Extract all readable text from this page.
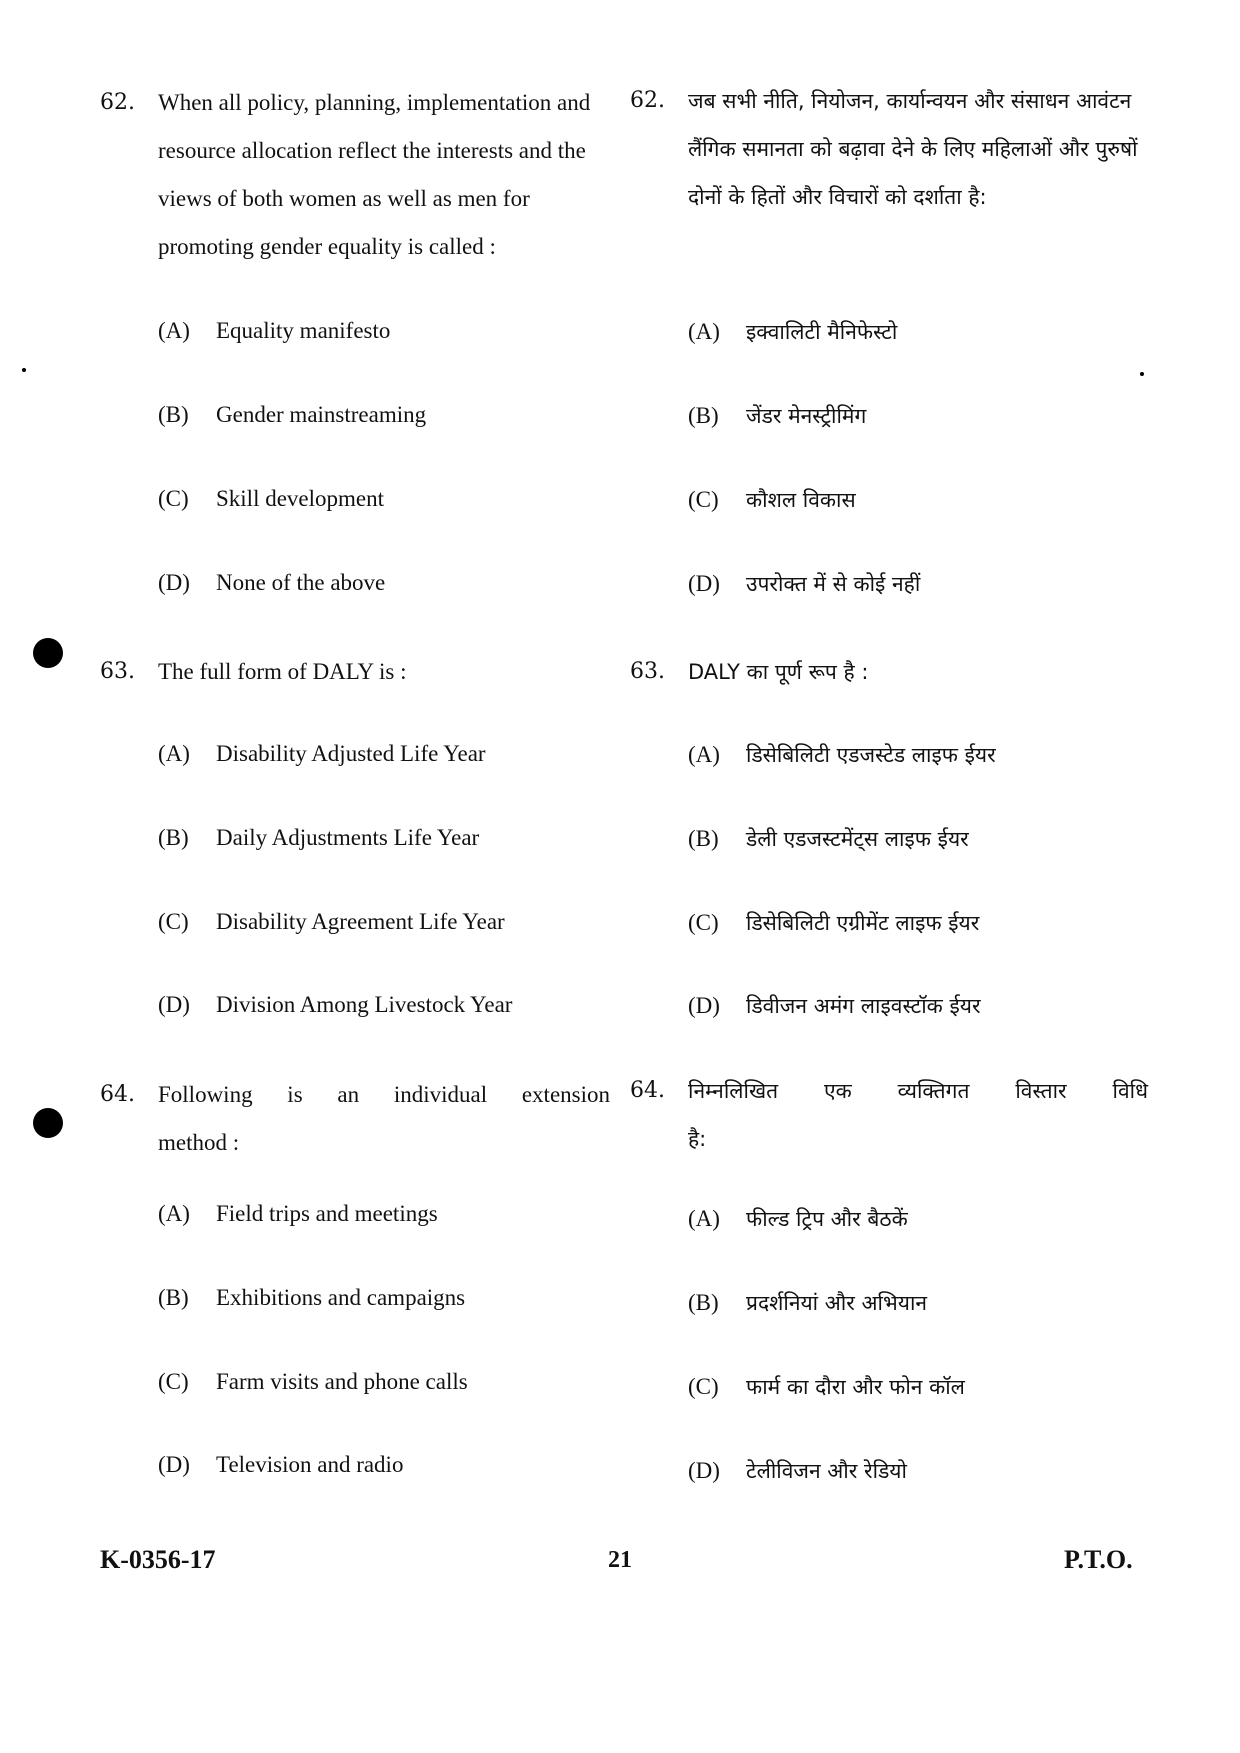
62. When all policy, planning, implementation and resource allocation reflect the interests and the views of both women as well as men for promoting gender equality is called :
(A) Equality manifesto
(B) Gender mainstreaming
(C) Skill development
(D) None of the above
62. जब सभी नीति, नियोजन, कार्यान्वयन और संसाधन आवंटन लैंगिक समानता को बढ़ावा देने के लिए महिलाओं और पुरुषों दोनों के हितों और विचारों को दर्शाता है:
(A) इक्वालिटी मैनिफेस्टो
(B) जेंडर मेनस्ट्रीमिंग
(C) कौशल विकास
(D) उपरोक्त में से कोई नहीं
63. The full form of DALY is :
(A) Disability Adjusted Life Year
(B) Daily Adjustments Life Year
(C) Disability Agreement Life Year
(D) Division Among Livestock Year
63. DALY का पूर्ण रूप है :
(A) डिसेबिलिटी एडजस्टेड लाइफ ईयर
(B) डेली एडजस्टमेंट्स लाइफ ईयर
(C) डिसेबिलिटी एग्रीमेंट लाइफ ईयर
(D) डिवीजन अमंग लाइवस्टॉक ईयर
64. Following is an individual extension
method :
(A) Field trips and meetings
(B) Exhibitions and campaigns
(C) Farm visits and phone calls
(D) Television and radio
64. निम्नलिखित एक व्यक्तिगत विस्तार विधि
है:
(A) फील्ड ट्रिप और बैठकें
(B) प्रदर्शनियां और अभियान
(C) फार्म का दौरा और फोन कॉल
(D) टेलीविजन और रेडियो
K-0356-17	21	P.T.O.
